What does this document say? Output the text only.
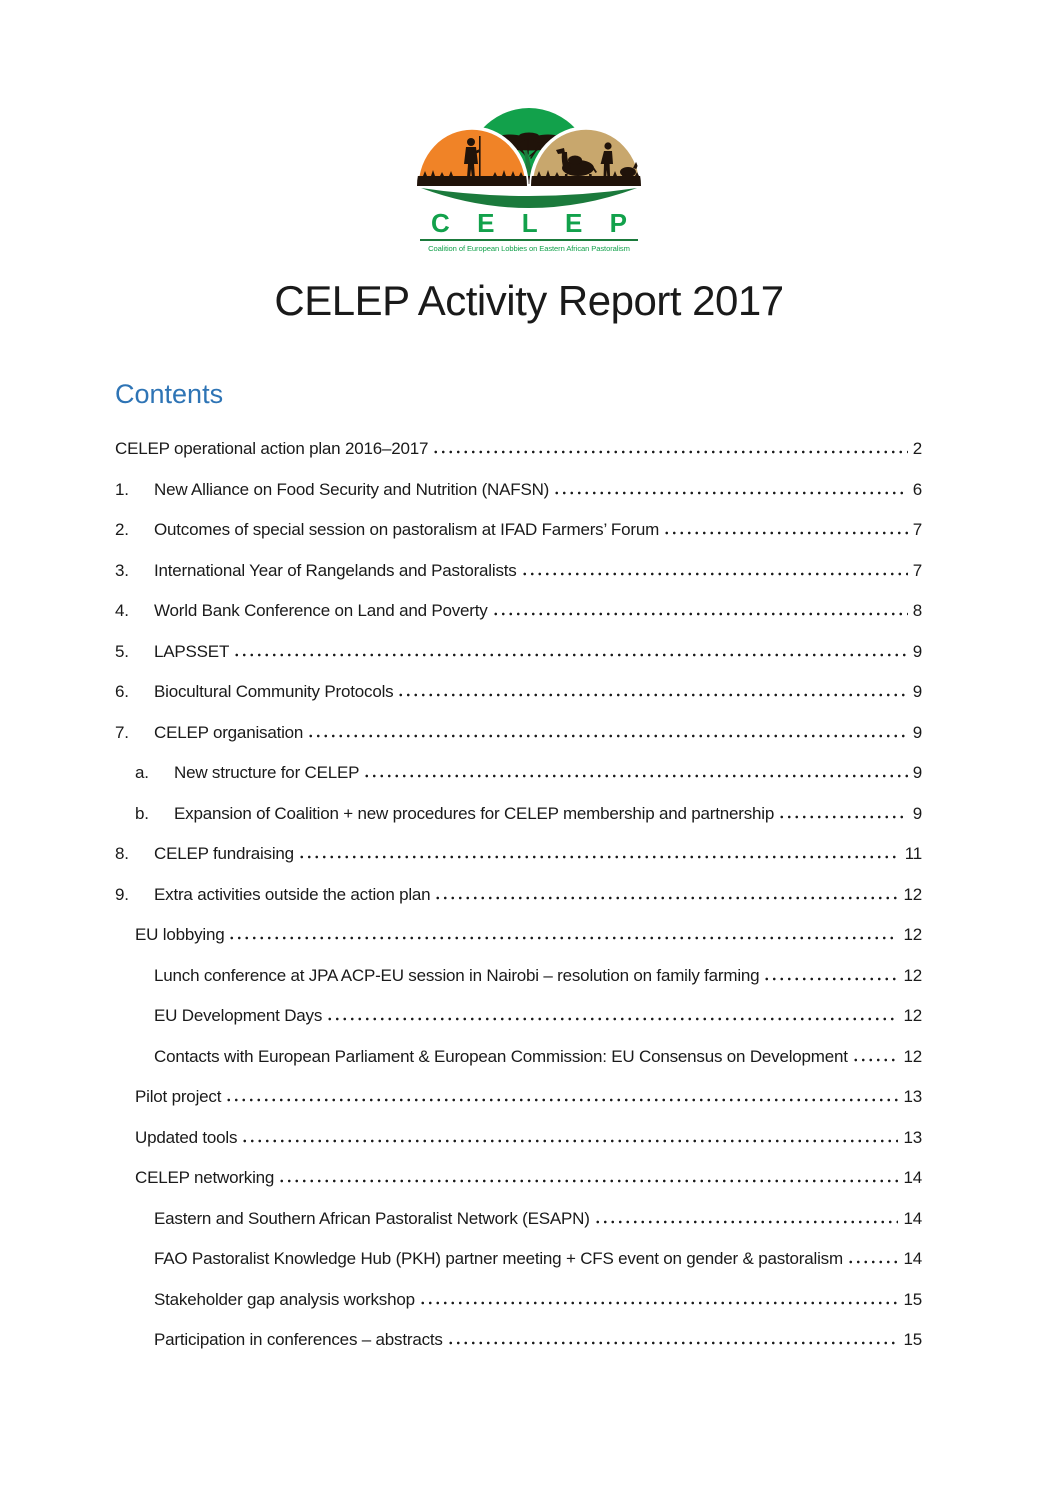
CELEP
Coalition of European Lobbies on Eastern African Pastoralism
CELEP Activity Report 2017
Contents
CELEP operational action plan 2016–2017	2
1.	New Alliance on Food Security and Nutrition (NAFSN)	6
2.	Outcomes of special session on pastoralism at IFAD Farmers’ Forum	7
3.	International Year of Rangelands and Pastoralists	7
4.	World Bank Conference on Land and Poverty	8
5.	LAPSSET	9
6.	Biocultural Community Protocols	9
7.	CELEP organisation	9
a.	New structure for CELEP	9
b.	Expansion of Coalition + new procedures for CELEP membership and partnership	9
8.	CELEP fundraising	11
9.	Extra activities outside the action plan	12
EU lobbying	12
Lunch conference at JPA ACP-EU session in Nairobi – resolution on family farming	12
EU Development Days	12
Contacts with European Parliament & European Commission: EU Consensus on Development	12
Pilot project	13
Updated tools	13
CELEP networking	14
Eastern and Southern African Pastoralist Network (ESAPN)	14
FAO Pastoralist Knowledge Hub (PKH) partner meeting + CFS event on gender & pastoralism	14
Stakeholder gap analysis workshop	15
Participation in conferences – abstracts	15
